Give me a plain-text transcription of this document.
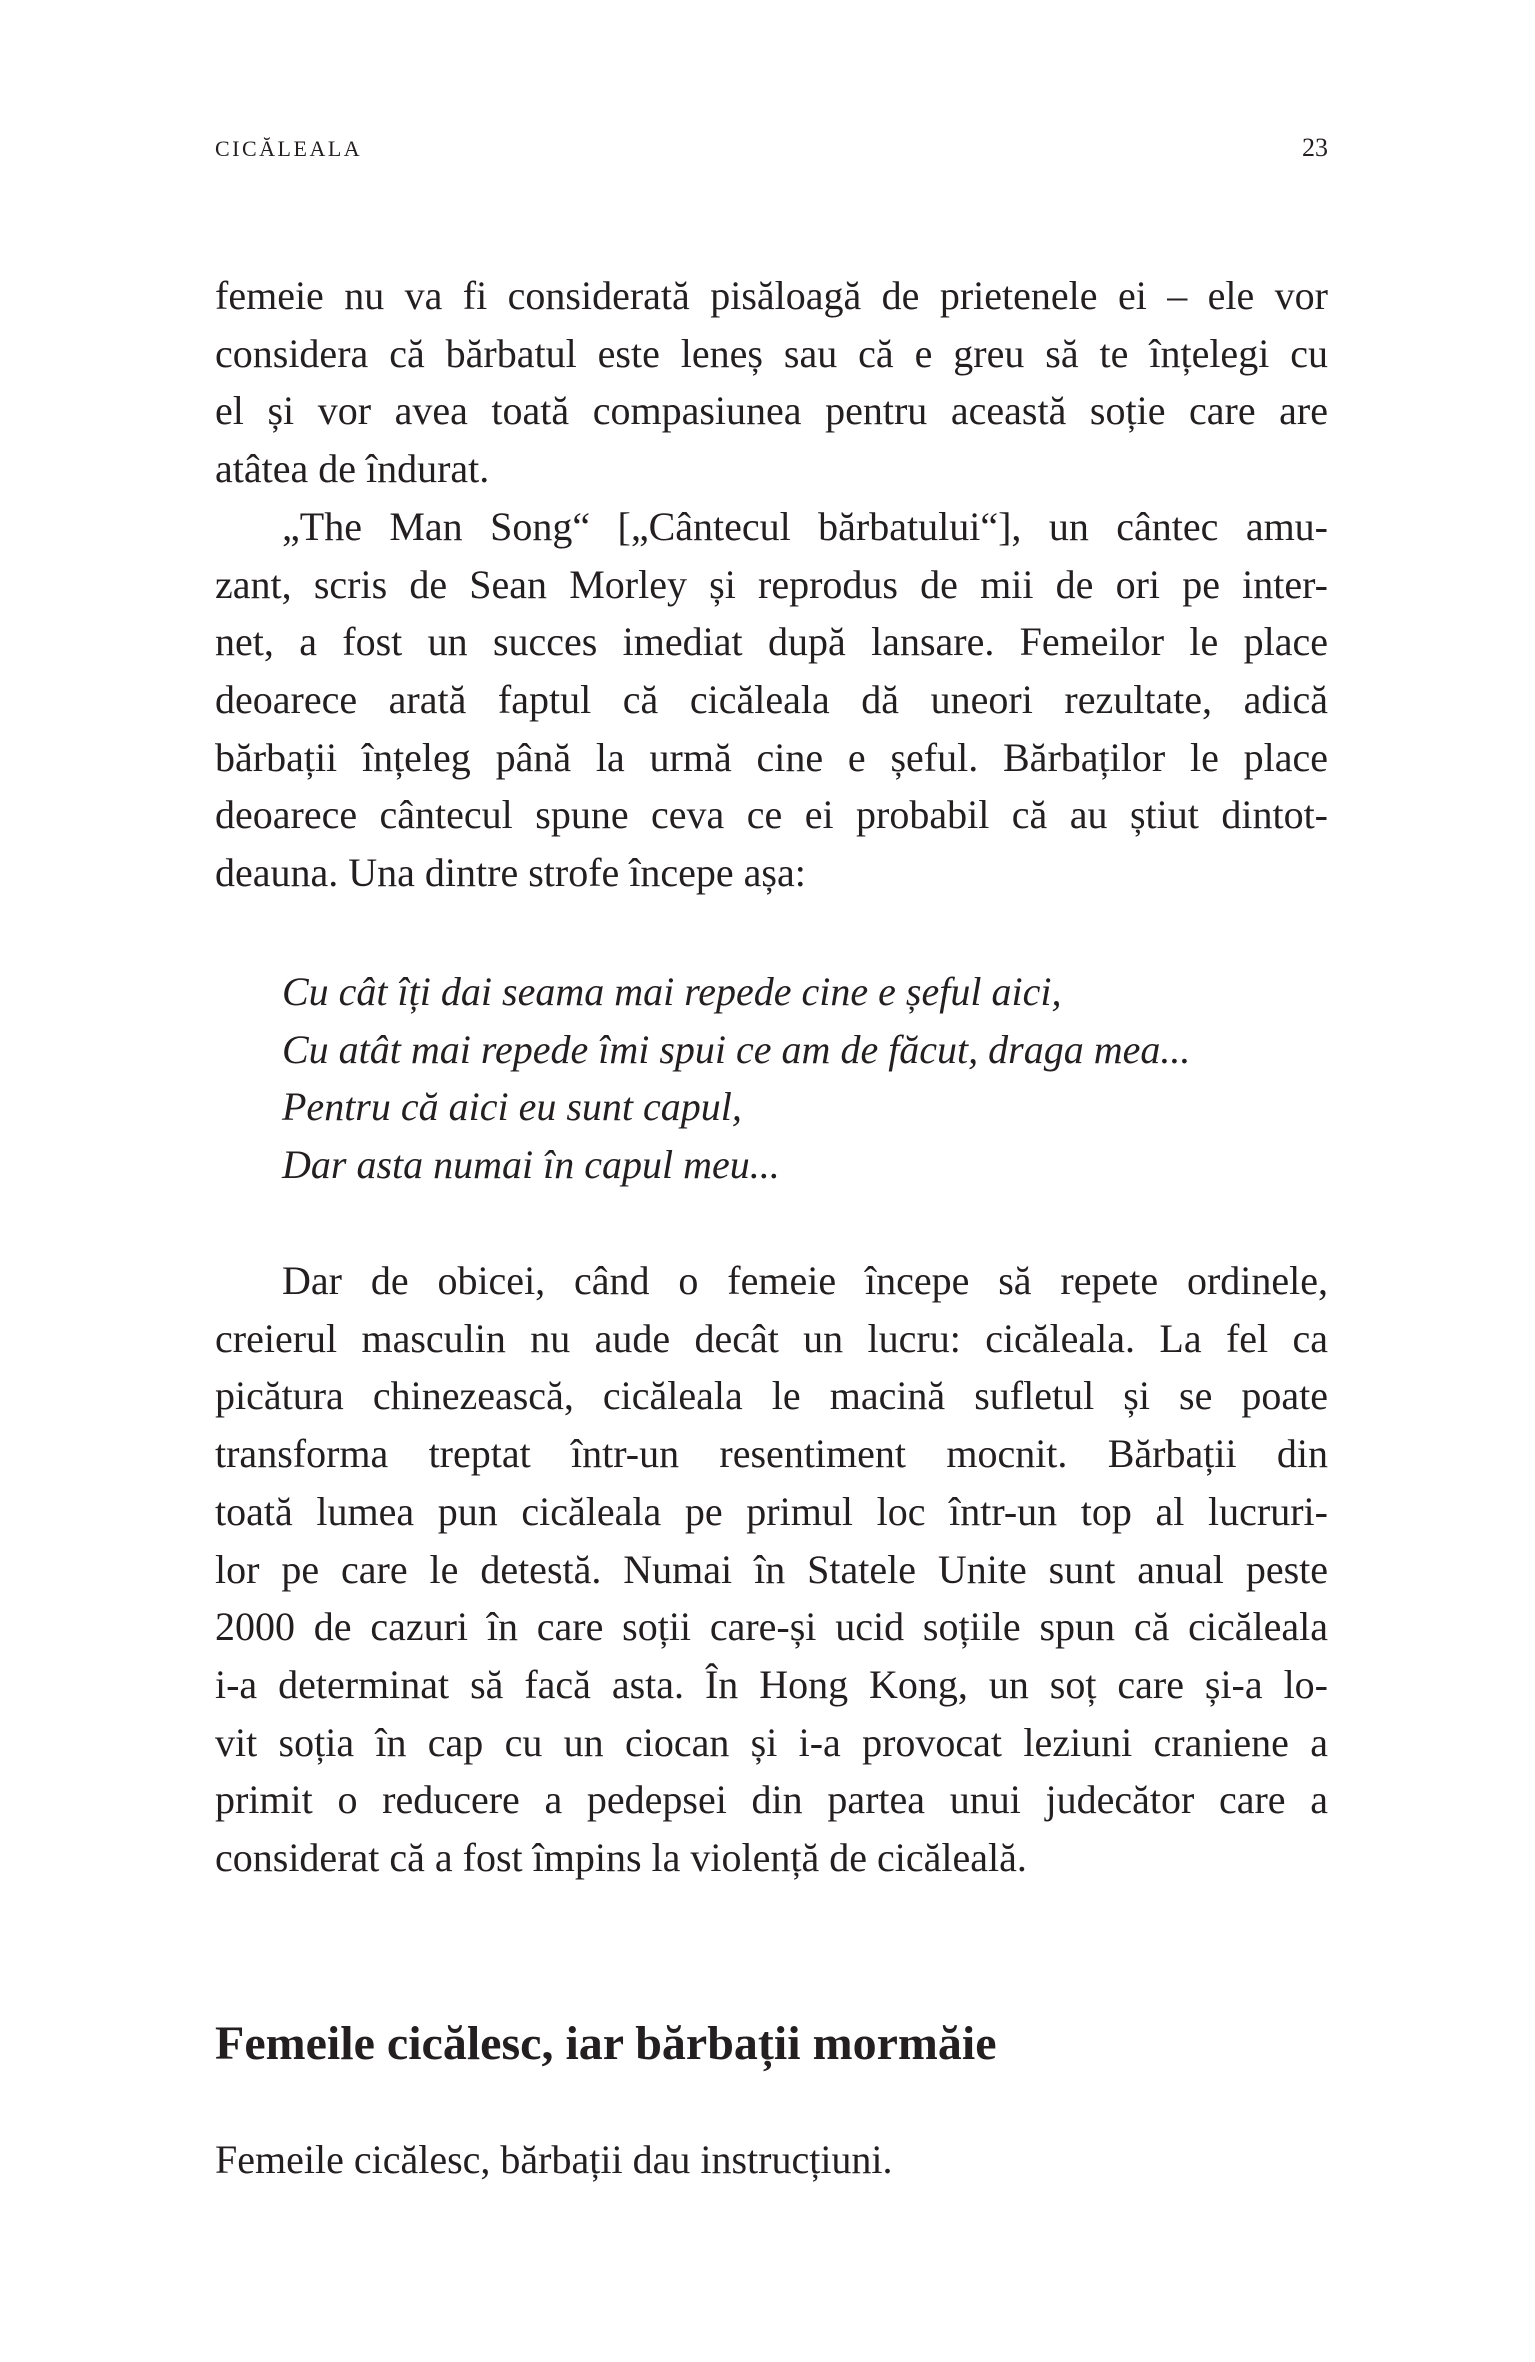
CICĂLEALA	23
femeie nu va fi considerată pisăloagă de prietenele ei – ele vor
considera că bărbatul este leneș sau că e greu să te înțelegi cu
el și vor avea toată compasiunea pentru această soție care are
atâtea de îndurat.
„The Man Song“ [„Cântecul bărbatului“], un cântec amu-
zant, scris de Sean Morley și reprodus de mii de ori pe inter-
net, a fost un succes imediat după lansare. Femeilor le place
deoarece arată faptul că cicăleala dă uneori rezultate, adică
bărbații înțeleg până la urmă cine e șeful. Bărbaților le place
deoarece cântecul spune ceva ce ei probabil că au știut dintot-
deauna. Una dintre strofe începe așa:
Cu cât îți dai seama mai repede cine e șeful aici,
Cu atât mai repede îmi spui ce am de făcut, draga mea...
Pentru că aici eu sunt capul,
Dar asta numai în capul meu...
Dar de obicei, când o femeie începe să repete ordinele,
creierul masculin nu aude decât un lucru: cicăleala. La fel ca
picătura chinezească, cicăleala le macină sufletul și se poate
transforma treptat într-un resentiment mocnit. Bărbații din
toată lumea pun cicăleala pe primul loc într-un top al lucruri-
lor pe care le detestă. Numai în Statele Unite sunt anual peste
2000 de cazuri în care soții care-și ucid soțiile spun că cicăleala
i-a determinat să facă asta. În Hong Kong, un soț care și-a lo-
vit soția în cap cu un ciocan și i-a provocat leziuni craniene a
primit o reducere a pedepsei din partea unui judecător care a
considerat că a fost împins la violență de cicăleală.
Femeile cicălesc, iar bărbații mormăie
Femeile cicălesc, bărbații dau instrucțiuni.
